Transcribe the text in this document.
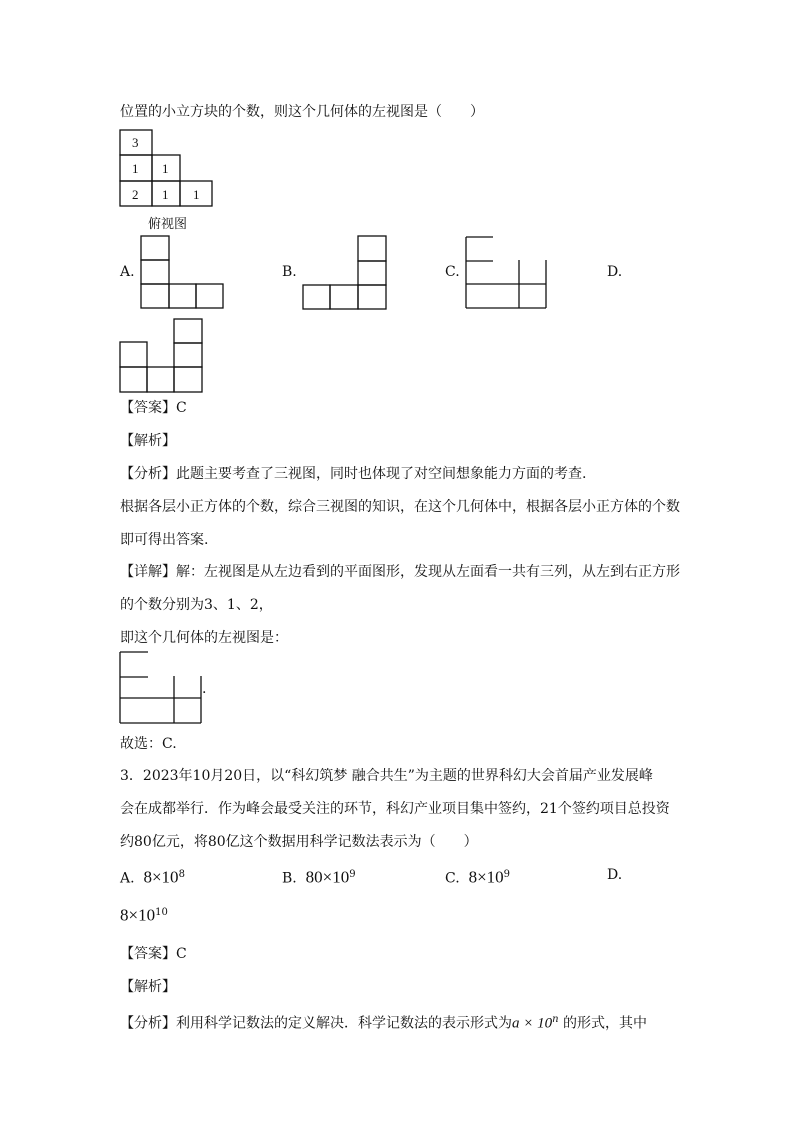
位置的小立方块的个数，则这个几何体的左视图是（　　）
3
1 1
2 1 1
俯视图
A.	B.	C.	D.
【答案】C
【解析】
【分析】此题主要考查了三视图，同时也体现了对空间想象能力方面的考查.
根据各层小正方体的个数，综合三视图的知识，在这个几何体中，根据各层小正方体的个数
即可得出答案.
【详解】解：左视图是从左边看到的平面图形，发现从左面看一共有三列，从左到右正方形
的个数分别为3、1、2，
即这个几何体的左视图是：
.
故选：C.
3．2023年10月20日，以“科幻筑梦 融合共生”为主题的世界科幻大会首届产业发展峰
会在成都举行．作为峰会最受关注的环节，科幻产业项目集中签约，21个签约项目总投资
约80亿元，将80亿这个数据用科学记数法表示为（　　）
A. $8\times 10^8$	B. $80\times 10^9$	C. $8\times 10^9$	D.
$8\times 10^{10}$
【答案】C
【解析】
【分析】利用科学记数法的定义解决．科学记数法的表示形式为$a \times 10^n$ 的形式，其中
